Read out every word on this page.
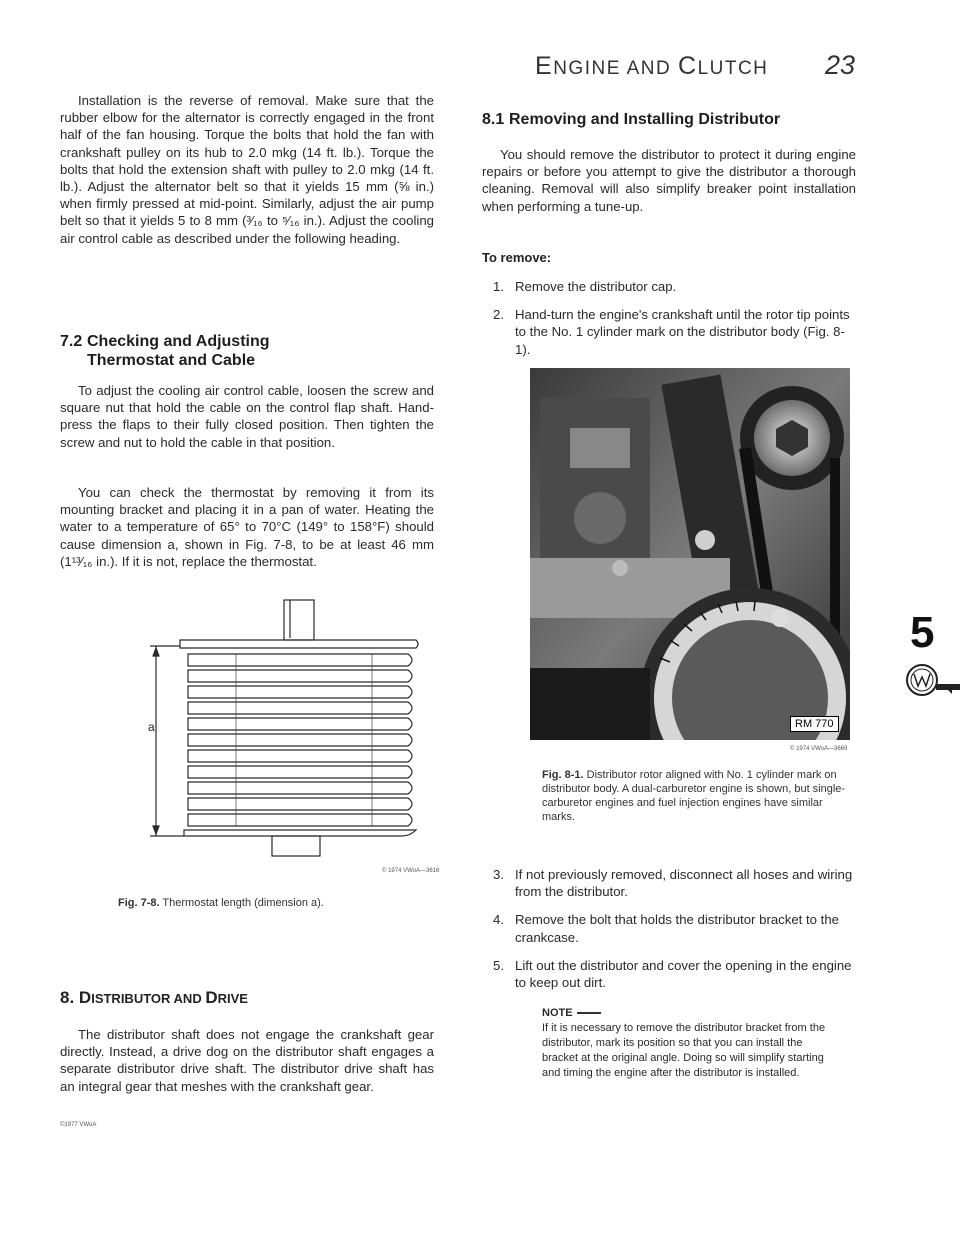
ENGINE AND CLUTCH 23

Installation is the reverse of removal. Make sure that the rubber elbow for the alternator is correctly engaged in the front half of the fan housing. Torque the bolts that hold the fan with crankshaft pulley on its hub to 2.0 mkg (14 ft. lb.). Torque the bolts that hold the extension shaft with pulley to 2.0 mkg (14 ft. lb.). Adjust the alternator belt so that it yields 15 mm (⅝ in.) when firmly pressed at mid-point. Similarly, adjust the air pump belt so that it yields 5 to 8 mm (³⁄₁₆ to ⁵⁄₁₆ in.). Adjust the cooling air control cable as described under the following heading.

7.2 Checking and Adjusting
Thermostat and Cable

To adjust the cooling air control cable, loosen the screw and square nut that hold the cable on the control flap shaft. Hand-press the flaps to their fully closed position. Then tighten the screw and nut to hold the cable in that position.

You can check the thermostat by removing it from its mounting bracket and placing it in a pan of water. Heating the water to a temperature of 65° to 70°C (149° to 158°F) should cause dimension a, shown in Fig. 7-8, to be at least 46 mm (1¹³⁄₁₆ in.). If it is not, replace the thermostat.

a
© 1974 VWoA—3616
Fig. 7-8. Thermostat length (dimension a).
8. DISTRIBUTOR AND DRIVE

The distributor shaft does not engage the crankshaft gear directly. Instead, a drive dog on the distributor shaft engages a separate distributor drive shaft. The distributor drive shaft has an integral gear that meshes with the crankshaft gear.

©1977 VWoA
8.1 Removing and Installing Distributor

You should remove the distributor to protect it during engine repairs or before you attempt to give the distributor a thorough cleaning. Removal will also simplify breaker point installation when performing a tune-up.

To remove:
1. Remove the distributor cap.
2. Hand-turn the engine's crankshaft until the rotor tip points to the No. 1 cylinder mark on the distributor body (Fig. 8-1).
RM 770
© 1974 VWoA—3669
Fig. 8-1. Distributor rotor aligned with No. 1 cylinder mark on distributor body. A dual-carburetor engine is shown, but single-carburetor engines and fuel injection engines have similar marks.
3. If not previously removed, disconnect all hoses and wiring from the distributor.
4. Remove the bolt that holds the distributor bracket to the crankcase.
5. Lift out the distributor and cover the opening in the engine to keep out dirt.
NOTE
If it is necessary to remove the distributor bracket from the distributor, mark its position so that you can install the bracket at the original angle. Doing so will simplify starting and timing the engine after the distributor is installed.
5
